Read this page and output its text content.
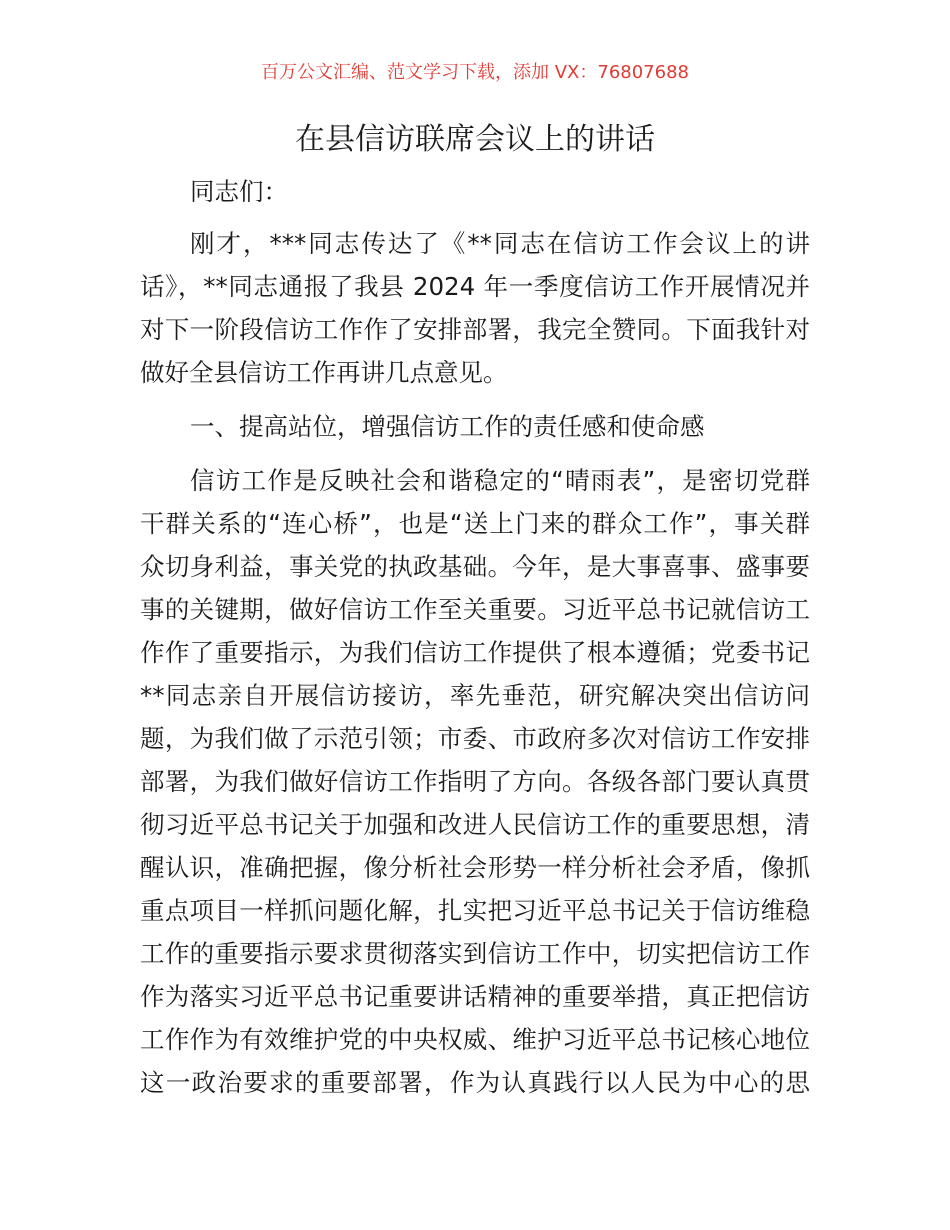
百万公文汇编、范文学习下载，添加 VX：76807688
在县信访联席会议上的讲话
同志们：
刚才，***同志传达了《**同志在信访工作会议上的讲
话》，**同志通报了我县 2024 年一季度信访工作开展情况并
对下一阶段信访工作作了安排部署，我完全赞同。下面我针对
做好全县信访工作再讲几点意见。
一、提高站位，增强信访工作的责任感和使命感
信访工作是反映社会和谐稳定的“晴雨表”，是密切党群
干群关系的“连心桥”，也是“送上门来的群众工作”，事关群
众切身利益，事关党的执政基础。今年，是大事喜事、盛事要
事的关键期，做好信访工作至关重要。习近平总书记就信访工
作作了重要指示，为我们信访工作提供了根本遵循；党委书记
**同志亲自开展信访接访，率先垂范，研究解决突出信访问
题，为我们做了示范引领；市委、市政府多次对信访工作安排
部署，为我们做好信访工作指明了方向。各级各部门要认真贯
彻习近平总书记关于加强和改进人民信访工作的重要思想，清
醒认识，准确把握，像分析社会形势一样分析社会矛盾，像抓
重点项目一样抓问题化解，扎实把习近平总书记关于信访维稳
工作的重要指示要求贯彻落实到信访工作中，切实把信访工作
作为落实习近平总书记重要讲话精神的重要举措，真正把信访
工作作为有效维护党的中央权威、维护习近平总书记核心地位
这一政治要求的重要部署，作为认真践行以人民为中心的思
